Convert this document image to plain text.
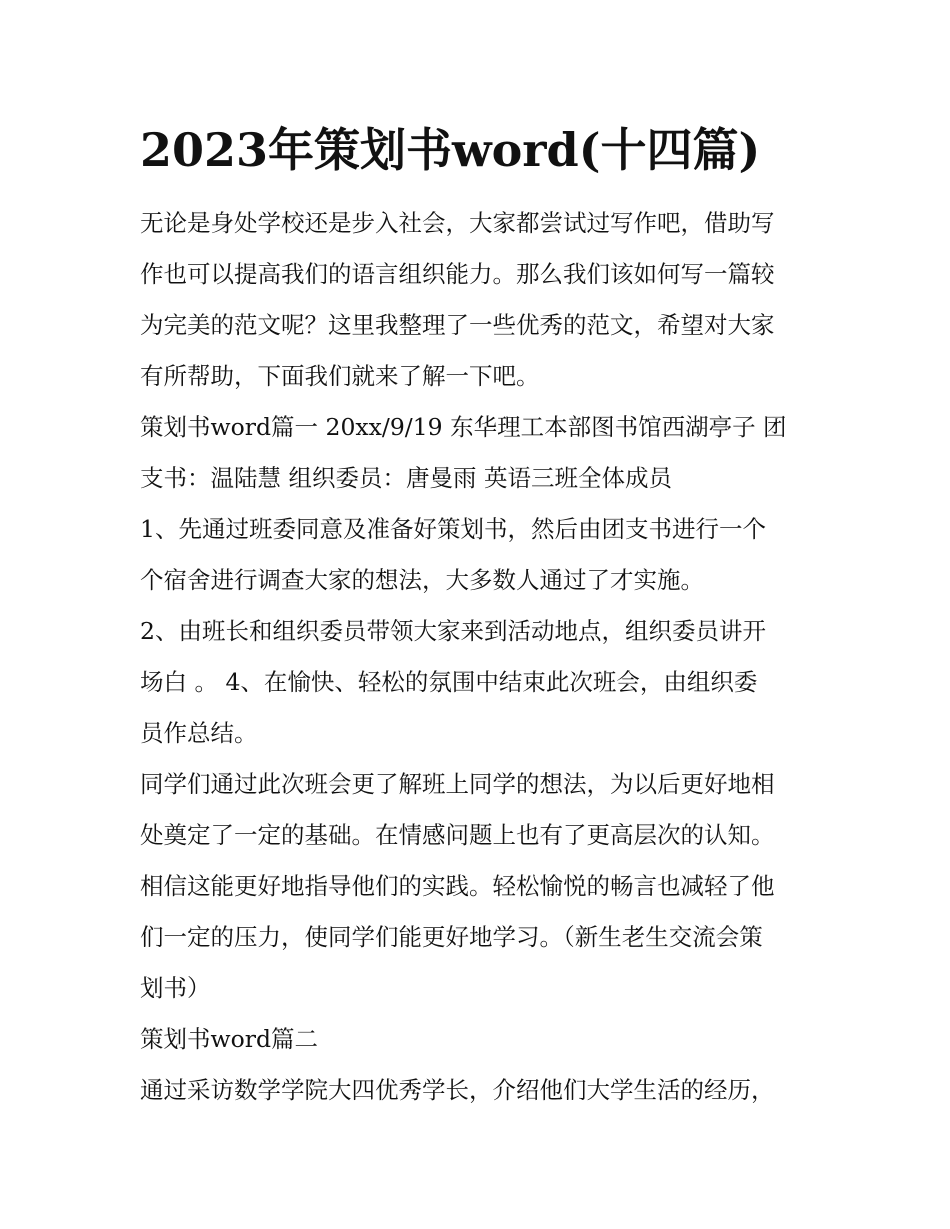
2023年策划书word(十四篇)

无论是身处学校还是步入社会，大家都尝试过写作吧，借助写
作也可以提高我们的语言组织能力。那么我们该如何写一篇较
为完美的范文呢？这里我整理了一些优秀的范文，希望对大家
有所帮助，下面我们就来了解一下吧。

策划书word篇一 20xx/9/19 东华理工本部图书馆西湖亭子 团
支书：温陆慧 组织委员：唐曼雨 英语三班全体成员

1、先通过班委同意及准备好策划书，然后由团支书进行一个
个宿舍进行调查大家的想法，大多数人通过了才实施。

2、由班长和组织委员带领大家来到活动地点，组织委员讲开
场白 。 4、在愉快、轻松的氛围中结束此次班会，由组织委
员作总结。

同学们通过此次班会更了解班上同学的想法，为以后更好地相
处奠定了一定的基础。在情感问题上也有了更高层次的认知。
相信这能更好地指导他们的实践。轻松愉悦的畅言也减轻了他
们一定的压力，使同学们能更好地学习。（新生老生交流会策
划书）

策划书word篇二

通过采访数学学院大四优秀学长，介绍他们大学生活的经历，
